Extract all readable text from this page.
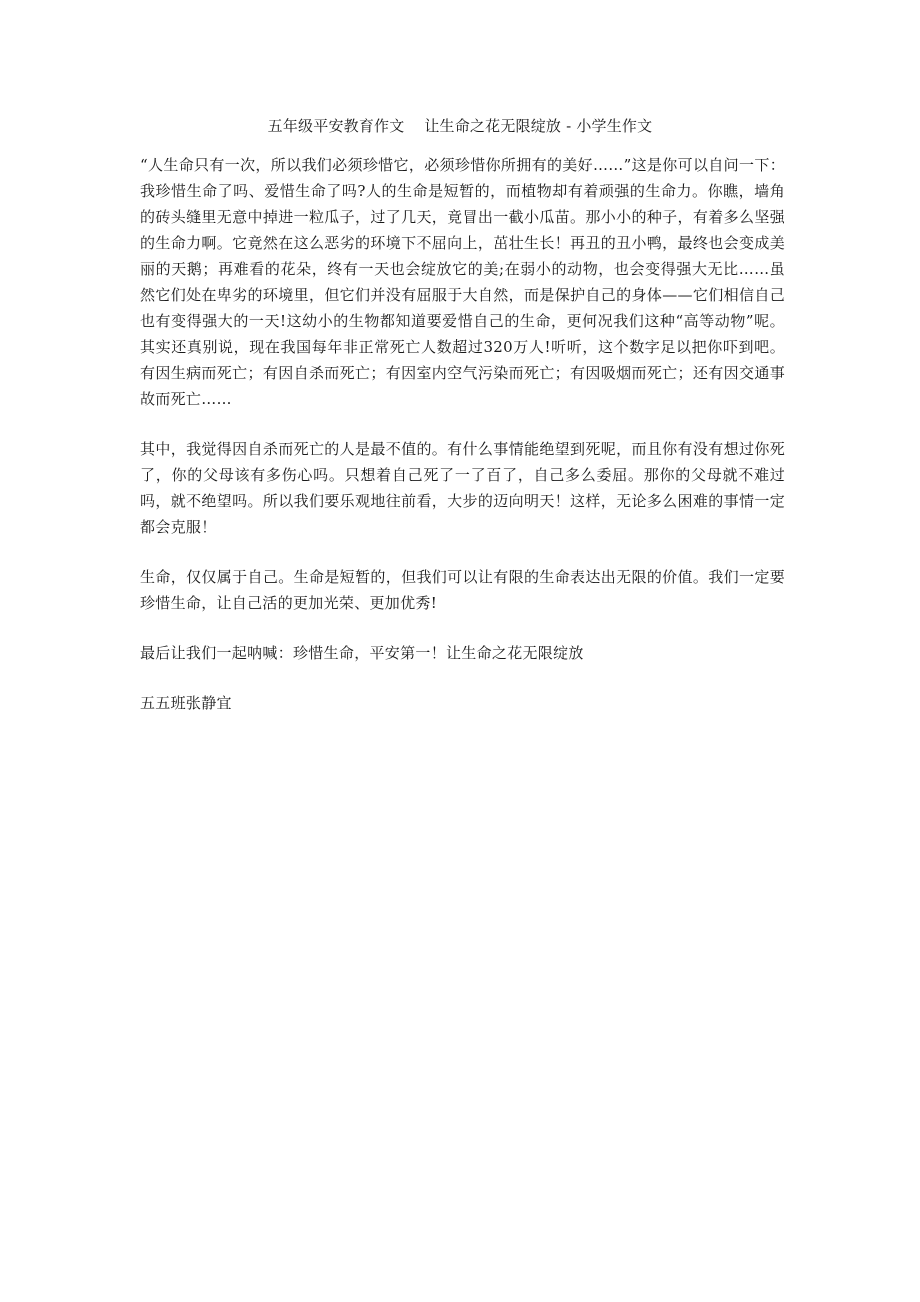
五年级平安教育作文    让生命之花无限绽放 - 小学生作文

“人生命只有一次，所以我们必须珍惜它，必须珍惜你所拥有的美好……”这是你可以自问一下：我珍惜生命了吗、爱惜生命了吗?人的生命是短暂的，而植物却有着顽强的生命力。你瞧，墙角的砖头缝里无意中掉进一粒瓜子，过了几天，竟冒出一截小瓜苗。那小小的种子，有着多么坚强的生命力啊。它竟然在这么恶劣的环境下不屈向上，茁壮生长！再丑的丑小鸭，最终也会变成美丽的天鹅；再难看的花朵，终有一天也会绽放它的美;在弱小的动物，也会变得强大无比……虽然它们处在卑劣的环境里，但它们并没有屈服于大自然，而是保护自己的身体——它们相信自己也有变得强大的一天!这幼小的生物都知道要爱惜自己的生命，更何况我们这种“高等动物”呢。其实还真别说，现在我国每年非正常死亡人数超过320万人!听听，这个数字足以把你吓到吧。有因生病而死亡；有因自杀而死亡；有因室内空气污染而死亡；有因吸烟而死亡；还有因交通事故而死亡……

其中，我觉得因自杀而死亡的人是最不值的。有什么事情能绝望到死呢，而且你有没有想过你死了，你的父母该有多伤心吗。只想着自己死了一了百了，自己多么委屈。那你的父母就不难过吗，就不绝望吗。所以我们要乐观地往前看，大步的迈向明天！这样，无论多么困难的事情一定都会克服！

生命，仅仅属于自己。生命是短暂的，但我们可以让有限的生命表达出无限的价值。我们一定要珍惜生命，让自己活的更加光荣、更加优秀!

最后让我们一起呐喊：珍惜生命，平安第一！让生命之花无限绽放

五五班张静宜
